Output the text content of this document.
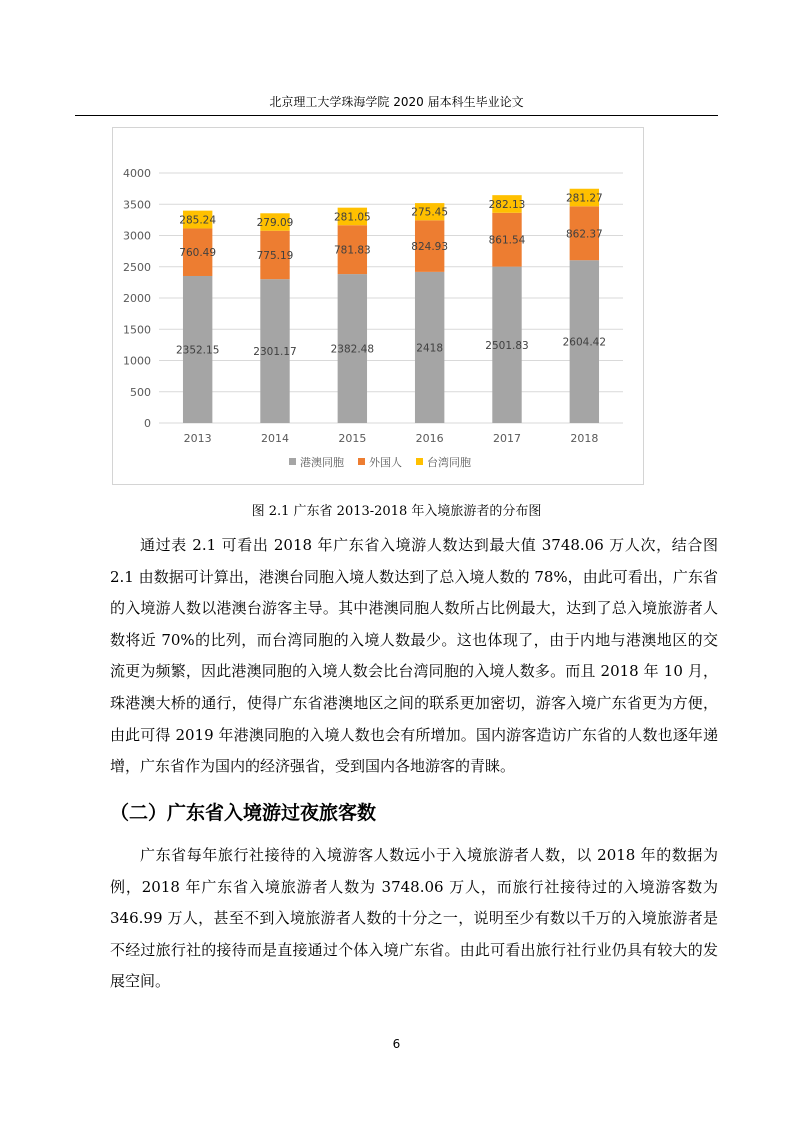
北京理工大学珠海学院 2020 届本科生毕业论文
0
500
1000
1500
2000
2500
3000
3500
4000
2352.15
760.49
285.24
2013
2301.17
775.19
279.09
2014
2382.48
781.83
281.05
2015
2418
824.93
275.45
2016
2501.83
861.54
282.13
2017
2604.42
862.37
281.27
2018
港澳同胞 外国人 台湾同胞
图 2.1 广东省 2013-2018 年入境旅游者的分布图
通过表 2.1 可看出 2018 年广东省入境游人数达到最大值 3748.06 万人次，结合图 2.1 由数据可计算出，港澳台同胞入境人数达到了总入境人数的 78%，由此可看出，广东省的入境游人数以港澳台游客主导。其中港澳同胞人数所占比例最大，达到了总入境旅游者人数将近 70%的比列，而台湾同胞的入境人数最少。这也体现了，由于内地与港澳地区的交流更为频繁，因此港澳同胞的入境人数会比台湾同胞的入境人数多。而且 2018 年 10 月，珠港澳大桥的通行，使得广东省港澳地区之间的联系更加密切，游客入境广东省更为方便，由此可得 2019 年港澳同胞的入境人数也会有所增加。国内游客造访广东省的人数也逐年递增，广东省作为国内的经济强省，受到国内各地游客的青睐。
（二）广东省入境游过夜旅客数
广东省每年旅行社接待的入境游客人数远小于入境旅游者人数，以 2018 年的数据为例，2018 年广东省入境旅游者人数为 3748.06 万人，而旅行社接待过的入境游客数为 346.99 万人，甚至不到入境旅游者人数的十分之一，说明至少有数以千万的入境旅游者是不经过旅行社的接待而是直接通过个体入境广东省。由此可看出旅行社行业仍具有较大的发展空间。
6
